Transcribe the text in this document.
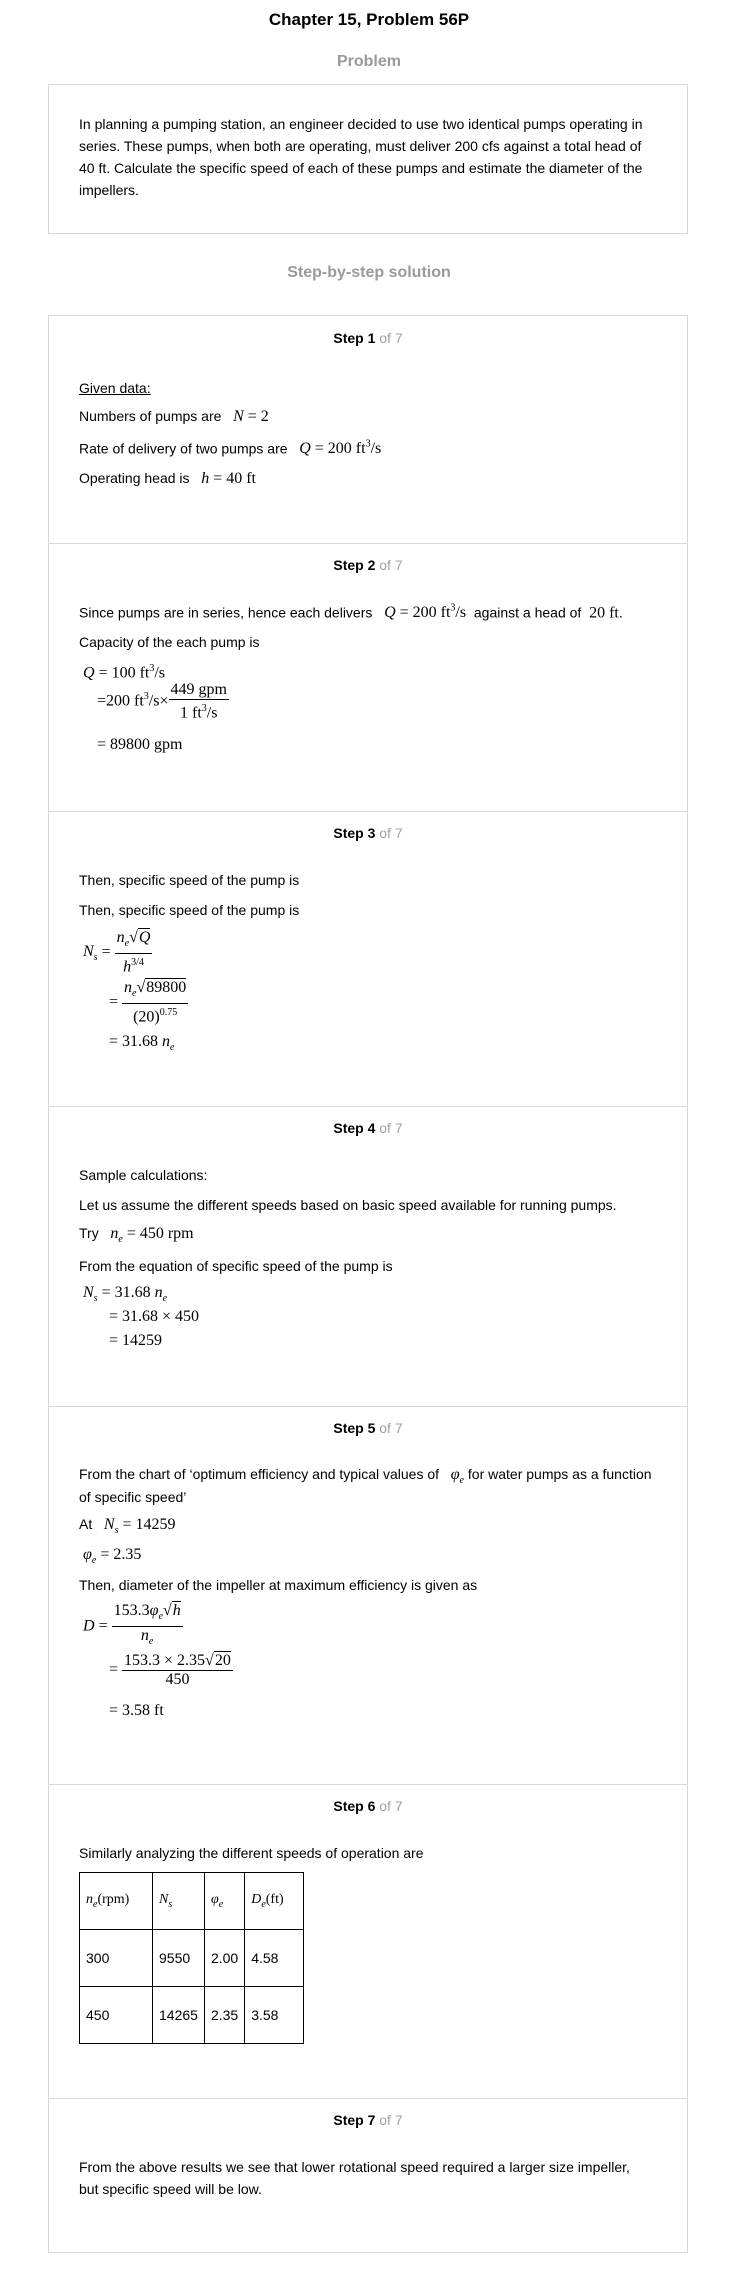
Chapter 15, Problem 56P
Problem
In planning a pumping station, an engineer decided to use two identical pumps operating in series. These pumps, when both are operating, must deliver 200 cfs against a total head of 40 ft. Calculate the specific speed of each of these pumps and estimate the diameter of the impellers.
Step-by-step solution
Step 1 of 7
Given data:
Numbers of pumps are N = 2
Rate of delivery of two pumps are Q = 200 $ft^3/s$
Operating head is h = 40 ft
Step 2 of 7
Since pumps are in series, hence each delivers Q = 200 $ft^3/s$ against a head of 20 ft.
Capacity of the each pump is
Q = 100 $ft^3/s$
=200 $ft^3/s\times \frac{\text{449 gpm}}{1 ft^3/s}$
= 89800 gpm
Step 3 of 7
Then, specific speed of the pump is
Then, specific speed of the pump is
$N_s = \frac{n_e√Q}{h^{3/4}}$
= $\frac{n_e√89800}{(20)^{0.75}}$
= 31.68 $n_e$
Step 4 of 7
Sample calculations:
Let us assume the different speeds based on basic speed available for running pumps.
Try $n_e = 450$ rpm
From the equation of specific speed of the pump is
$N_s = 31.68$ $n_e$
= 31.68 × 450
= 14259
Step 5 of 7
From the chart of ‘optimum efficiency and typical values of $\varphi_e$ for water pumps as a function
of specific speed’
At $N_s = 14259$
$\varphi_e = 2.35$
Then, diameter of the impeller at maximum efficiency is given as
$D = \frac{153.3\varphi_e√h}{n_e}$
= $\frac{153.3 \times 2.35√20}{450}$
= 3.58 ft
Step 6 of 7
Similarly analyzing the different speeds of operation are
$n_e(rpm)$	$N_s$	$\varphi_e$	$D_e(ft)$
300	9550	2.00	4.58
450	14265	2.35	3.58
Step 7 of 7
From the above results we see that lower rotational speed required a larger size impeller,
but specific speed will be low.
